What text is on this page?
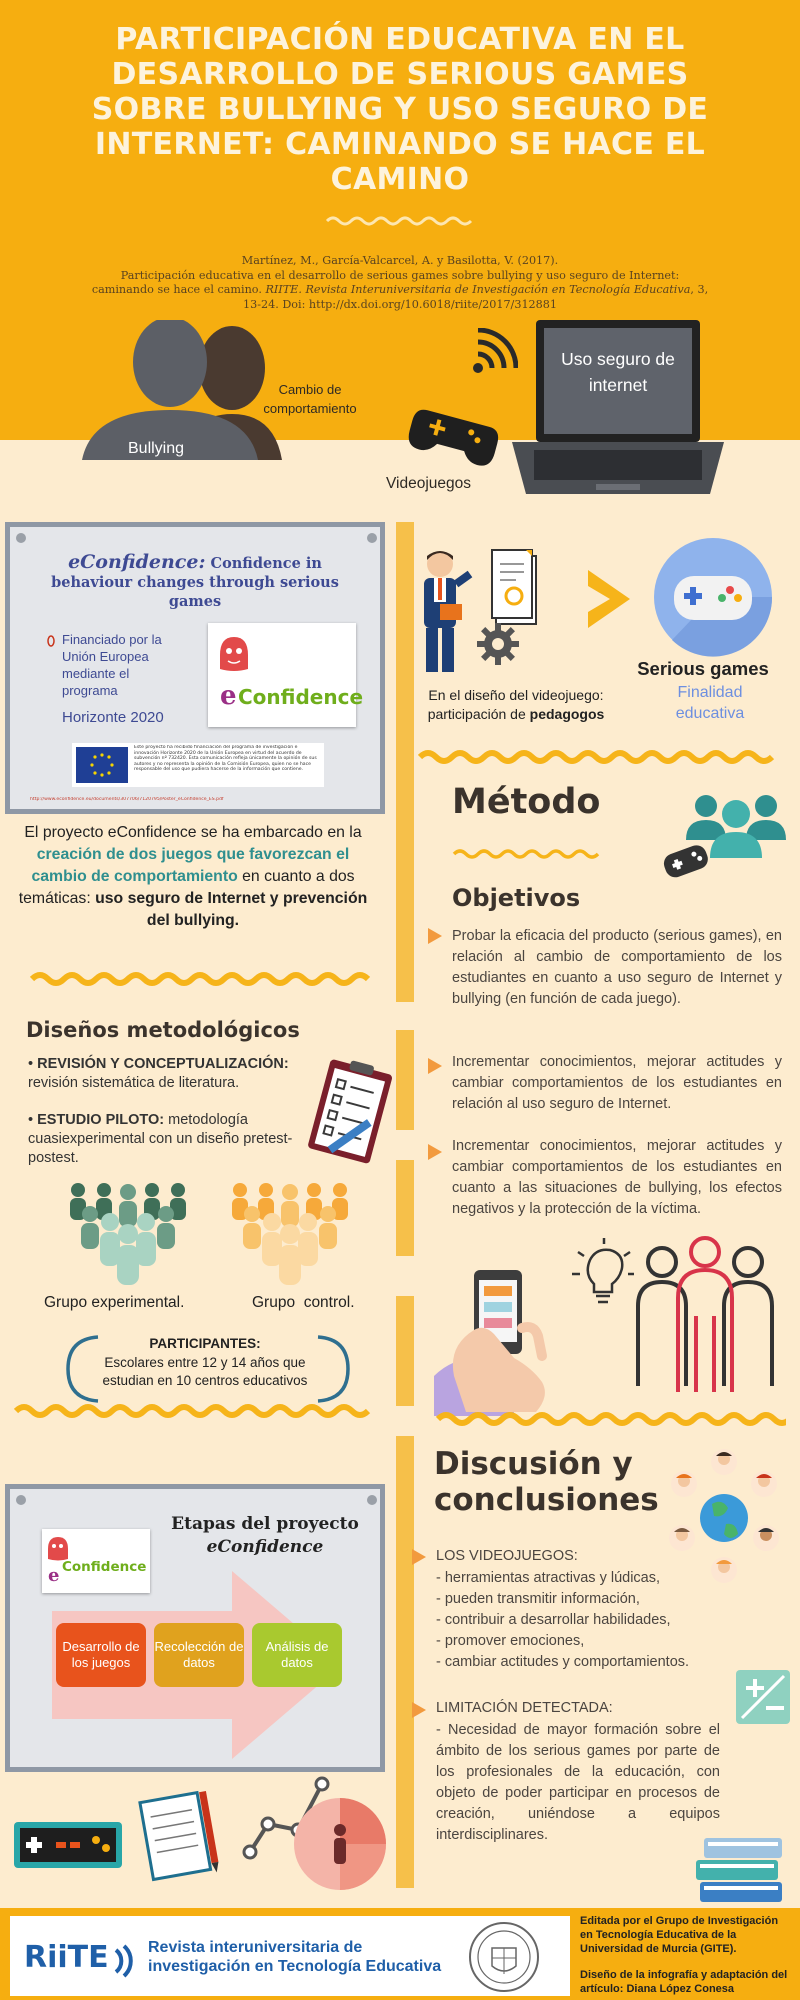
PARTICIPACIÓN EDUCATIVA EN EL DESARROLLO DE SERIOUS GAMES SOBRE BULLYING Y USO SEGURO DE INTERNET: CAMINANDO SE HACE EL CAMINO
Martínez, M., García-Valcarcel, A. y Basilotta, V. (2017).
Participación educativa en el desarrollo de serious games sobre bullying y uso seguro de Internet: caminando se hace el camino. RIITE. Revista Interuniversitaria de Investigación en Tecnología Educativa, 3, 13-24. Doi: http://dx.doi.org/10.6018/riite/2017/312881
Bullying
Cambio de comportamiento
Videojuegos
Uso seguro de internet
eConfidence: Confidence in behaviour changes through serious games
Financiado por la Unión Europea mediante el programa
Horizonte 2020
e Confidence
Este proyecto ha recibido financiación del programa de investigación e innovación Horizonte 2020 de la Unión Europea en virtud del acuerdo de subvención nº 732420. Esta comunicación refleja únicamente la opinión de sus autores y no representa la opinión de la Comisión Europea, quien no se hace responsable del uso que pudiera hacerse de la información que contiene.
http://www.econfidence.eu/documents/307706/7120795/Poster_eConfidence_ES.pdf
El proyecto eConfidence se ha embarcado en la creación de dos juegos que favorezcan el cambio de comportamiento en cuanto a dos temáticas: uso seguro de Internet y prevención del bullying.
Diseños metodológicos
• REVISIÓN Y CONCEPTUALIZACIÓN: revisión sistemática de literatura.
• ESTUDIO PILOTO: metodología cuasiexperimental con un diseño pretest-postest.
Grupo experimental.	Grupo  control.
PARTICIPANTES:
Escolares entre 12 y 14 años que estudian en 10 centros educativos
e Confidence
Etapas del proyecto
eConfidence
Desarrollo de los juegos
Recolección de datos
Análisis de datos
En el diseño del videojuego:
participación de pedagogos
Serious games
Finalidad educativa
Método
Objetivos
Probar la eficacia del producto (serious games), en relación al cambio de comportamiento de los estudiantes en cuanto a uso seguro de Internet y bullying (en función de cada juego).
Incrementar conocimientos, mejorar actitudes y cambiar comportamientos de los estudiantes en relación al uso seguro de Internet.
Incrementar conocimientos, mejorar actitudes y cambiar comportamientos de los estudiantes en cuanto a las situaciones de bullying, los efectos negativos y la protección de la víctima.
Discusión y conclusiones
LOS VIDEOJUEGOS:
- herramientas atractivas y lúdicas,
- pueden transmitir información,
- contribuir a desarrollar habilidades,
- promover emociones,
- cambiar actitudes y comportamientos.
LIMITACIÓN DETECTADA:
- Necesidad de mayor formación sobre el ámbito de los serious games por parte de los profesionales de la educación, con objeto de poder participar en procesos de creación, uniéndose a equipos interdisciplinares.
RiiTE Revista interuniversitaria de
investigación en Tecnología Educativa
Editada por el Grupo de Investigación en Tecnología Educativa de la Universidad de Murcia (GITE).
Diseño de la infografía y adaptación del artículo: Diana López Conesa
